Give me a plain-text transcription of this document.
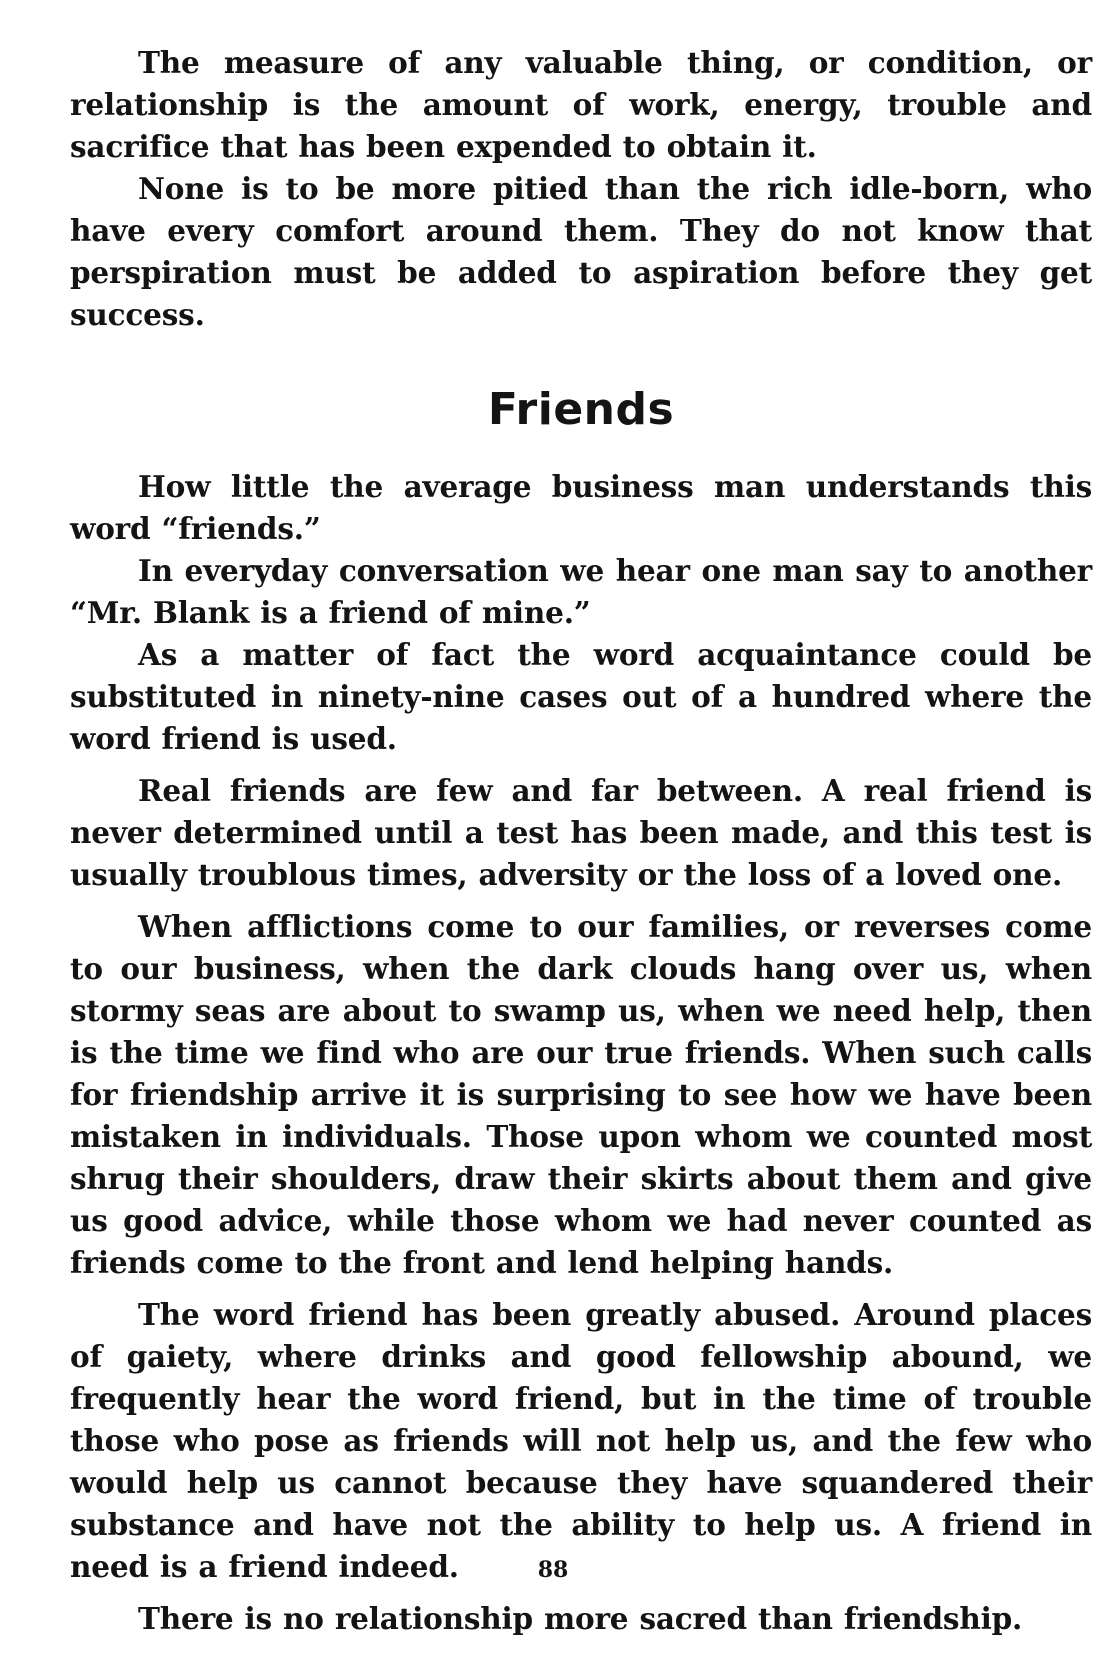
The measure of any valuable thing, or condition, or relationship is the amount of work, energy, trouble and sacrifice that has been expended to obtain it.

None is to be more pitied than the rich idle-born, who have every comfort around them. They do not know that perspiration must be added to aspiration before they get success.

Friends

How little the average business man understands this word “friends.”

In everyday conversation we hear one man say to another “Mr. Blank is a friend of mine.”

As a matter of fact the word acquaintance could be substituted in ninety-nine cases out of a hundred where the word friend is used.

Real friends are few and far between. A real friend is never determined until a test has been made, and this test is usually troublous times, adversity or the loss of a loved one.

When afflictions come to our families, or reverses come to our business, when the dark clouds hang over us, when stormy seas are about to swamp us, when we need help, then is the time we find who are our true friends. When such calls for friendship arrive it is surprising to see how we have been mistaken in individuals. Those upon whom we counted most shrug their shoulders, draw their skirts about them and give us good advice, while those whom we had never counted as friends come to the front and lend helping hands.

The word friend has been greatly abused. Around places of gaiety, where drinks and good fellowship abound, we frequently hear the word friend, but in the time of trouble those who pose as friends will not help us, and the few who would help us cannot because they have squandered their substance and have not the ability to help us. A friend in need is a friend indeed.

There is no relationship more sacred than friendship.

88
